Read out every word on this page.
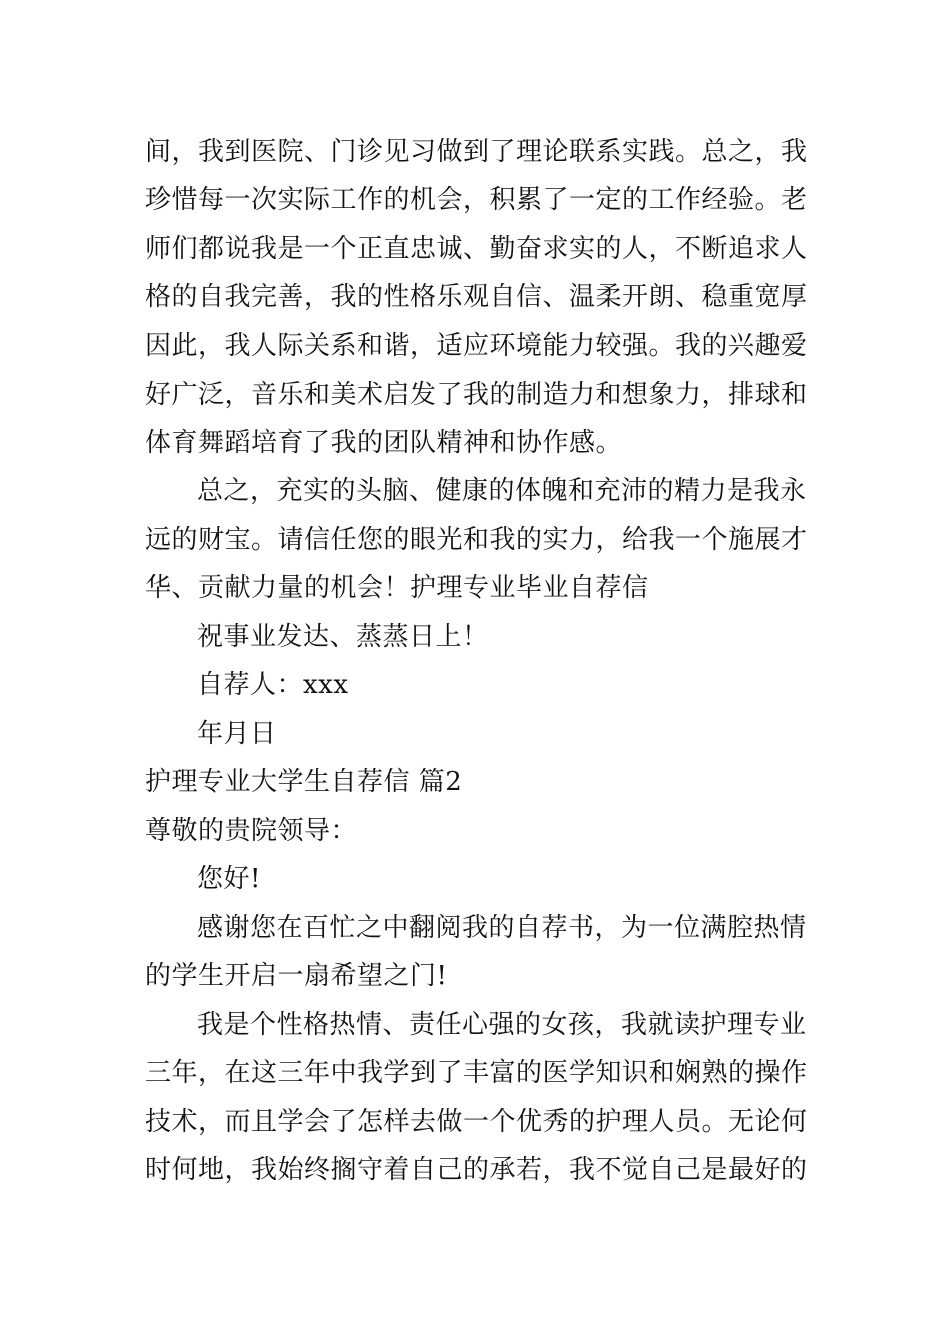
间，我到医院、门诊见习做到了理论联系实践。总之，我
珍惜每一次实际工作的机会，积累了一定的工作经验。老
师们都说我是一个正直忠诚、勤奋求实的人，不断追求人
格的自我完善，我的性格乐观自信、温柔开朗、稳重宽厚
因此，我人际关系和谐，适应环境能力较强。我的兴趣爱
好广泛，音乐和美术启发了我的制造力和想象力，排球和
体育舞蹈培育了我的团队精神和协作感。
总之，充实的头脑、健康的体魄和充沛的精力是我永
远的财宝。请信任您的眼光和我的实力，给我一个施展才
华、贡献力量的机会！护理专业毕业自荐信
祝事业发达、蒸蒸日上！
自荐人：xxx
年月日
护理专业大学生自荐信 篇2
尊敬的贵院领导：
您好!
感谢您在百忙之中翻阅我的自荐书，为一位满腔热情
的学生开启一扇希望之门!
我是个性格热情、责任心强的女孩，我就读护理专业
三年，在这三年中我学到了丰富的医学知识和娴熟的操作
技术，而且学会了怎样去做一个优秀的护理人员。无论何
时何地，我始终搁守着自己的承若，我不觉自己是最好的
